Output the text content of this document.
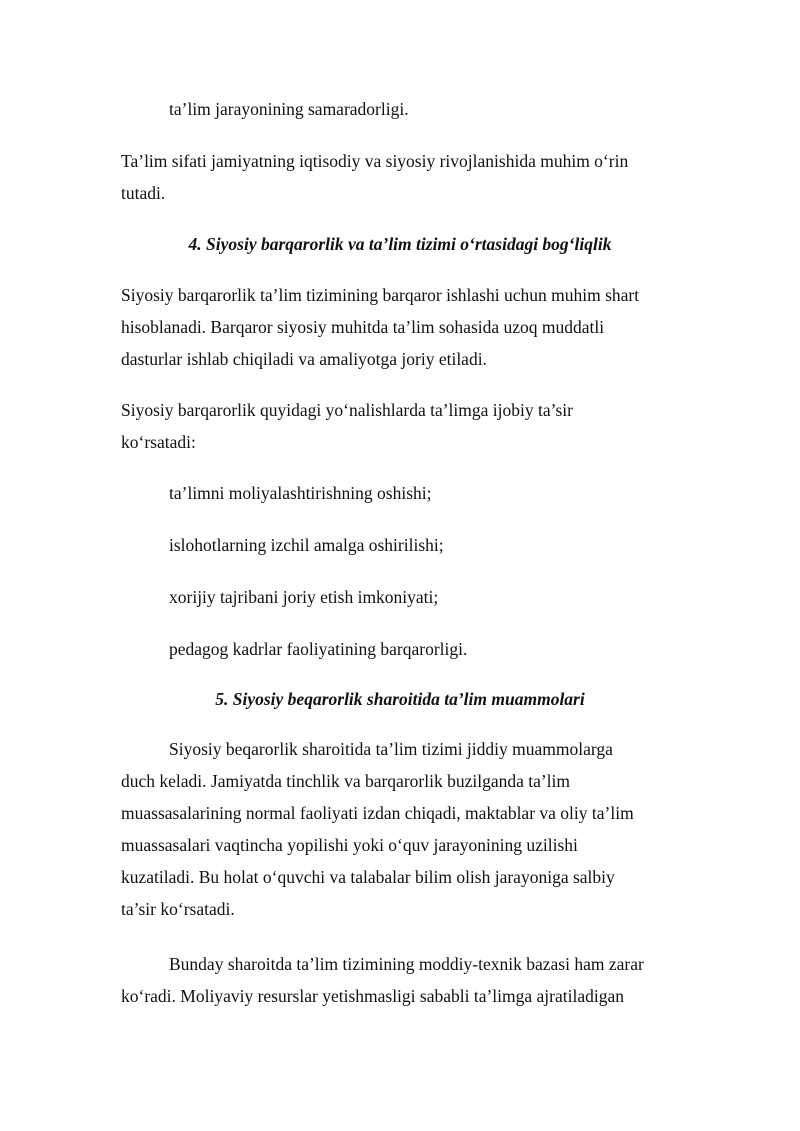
ta’lim jarayonining samaradorligi.

Ta’lim sifati jamiyatning iqtisodiy va siyosiy rivojlanishida muhim o‘rin
tutadi.

4. Siyosiy barqarorlik va ta’lim tizimi o‘rtasidagi bog‘liqlik

Siyosiy barqarorlik ta’lim tizimining barqaror ishlashi uchun muhim shart
hisoblanadi. Barqaror siyosiy muhitda ta’lim sohasida uzoq muddatli
dasturlar ishlab chiqiladi va amaliyotga joriy etiladi.

Siyosiy barqarorlik quyidagi yo‘nalishlarda ta’limga ijobiy ta’sir
ko‘rsatadi:

ta’limni moliyalashtirishning oshishi;

islohotlarning izchil amalga oshirilishi;

xorijiy tajribani joriy etish imkoniyati;

pedagog kadrlar faoliyatining barqarorligi.

5. Siyosiy beqarorlik sharoitida ta’lim muammolari

Siyosiy beqarorlik sharoitida ta’lim tizimi jiddiy muammolarga
duch keladi. Jamiyatda tinchlik va barqarorlik buzilganda ta’lim
muassasalarining normal faoliyati izdan chiqadi, maktablar va oliy ta’lim
muassasalari vaqtincha yopilishi yoki o‘quv jarayonining uzilishi
kuzatiladi. Bu holat o‘quvchi va talabalar bilim olish jarayoniga salbiy
ta’sir ko‘rsatadi.

Bunday sharoitda ta’lim tizimining moddiy-texnik bazasi ham zarar
ko‘radi. Moliyaviy resurslar yetishmasligi sababli ta’limga ajratiladigan
